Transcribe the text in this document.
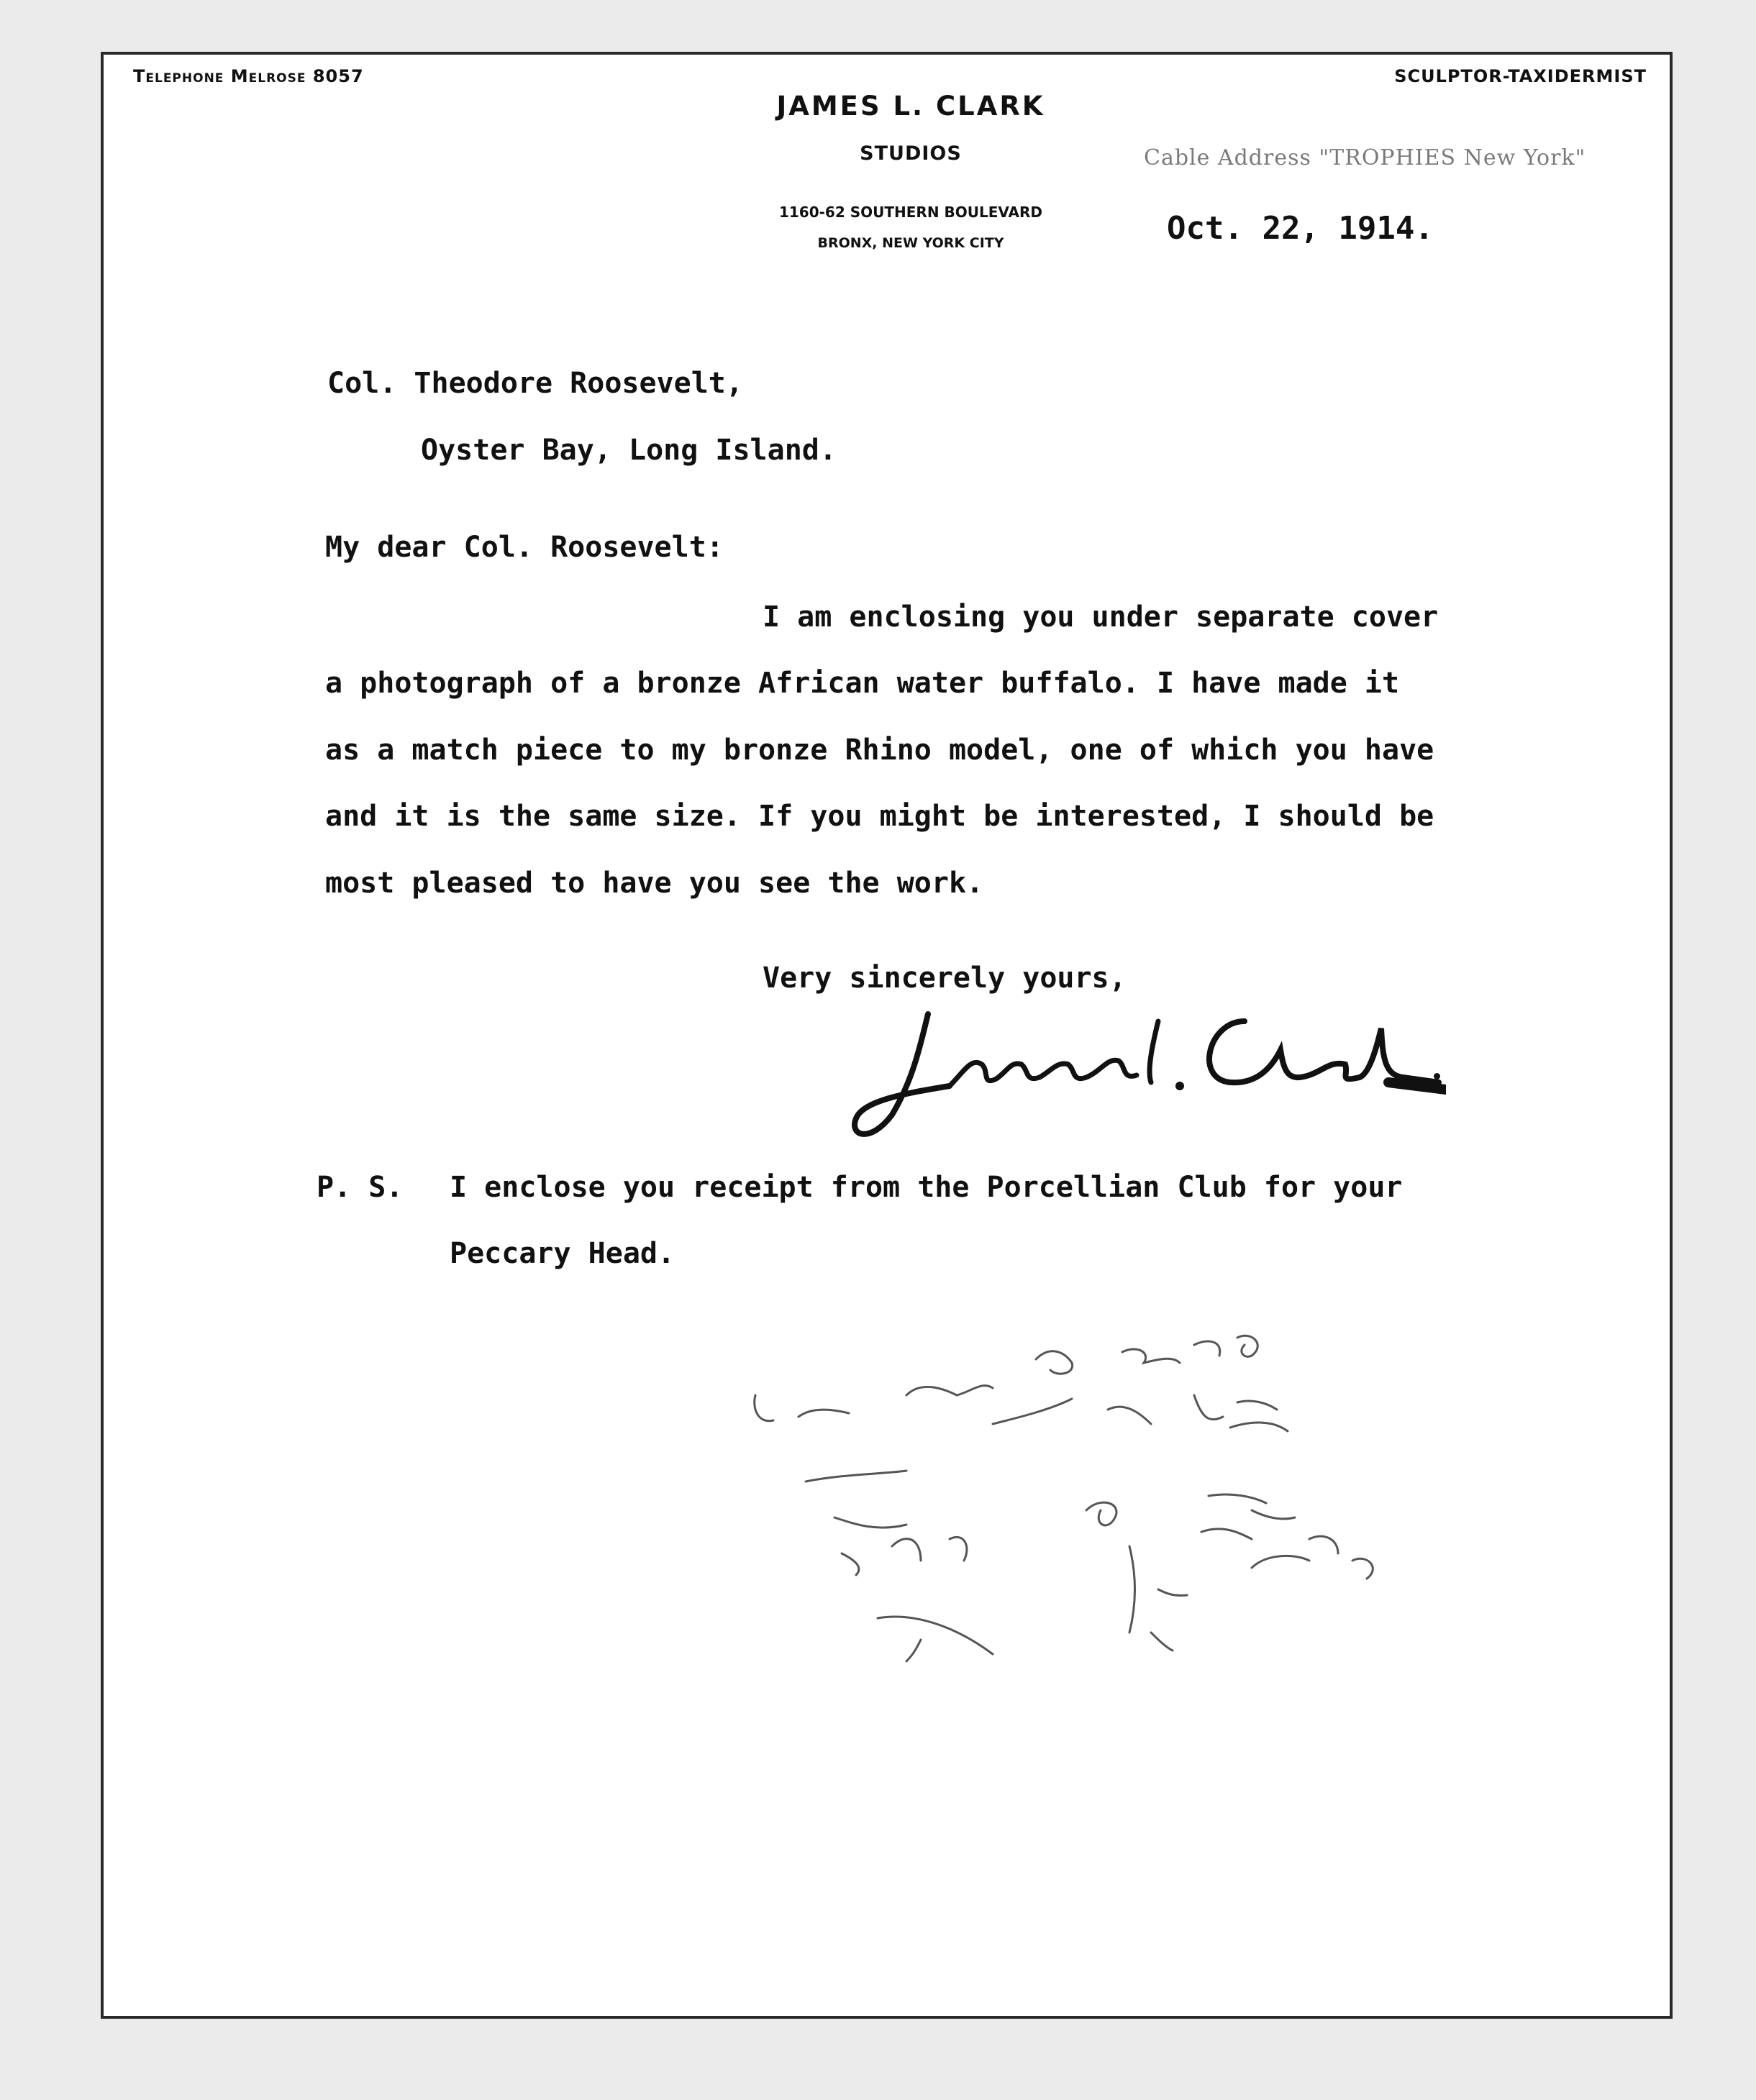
Telephone Melrose 8057	SCULPTOR-TAXIDERMIST
JAMES L. CLARK
STUDIOS
1160-62 SOUTHERN BOULEVARD
BRONX, NEW YORK CITY
Cable Address "TROPHIES New York"
Oct. 22, 1914.
Col. Theodore Roosevelt,
Oyster Bay, Long Island.
My dear Col. Roosevelt:
I am enclosing you under separate cover
a photograph of a bronze African water buffalo. I have made it
as a match piece to my bronze Rhino model, one of which you have
and it is the same size. If you might be interested, I should be
most pleased to have you see the work.
Very sincerely yours,
P. S. I enclose you receipt from the Porcellian Club for your
Peccary Head.
